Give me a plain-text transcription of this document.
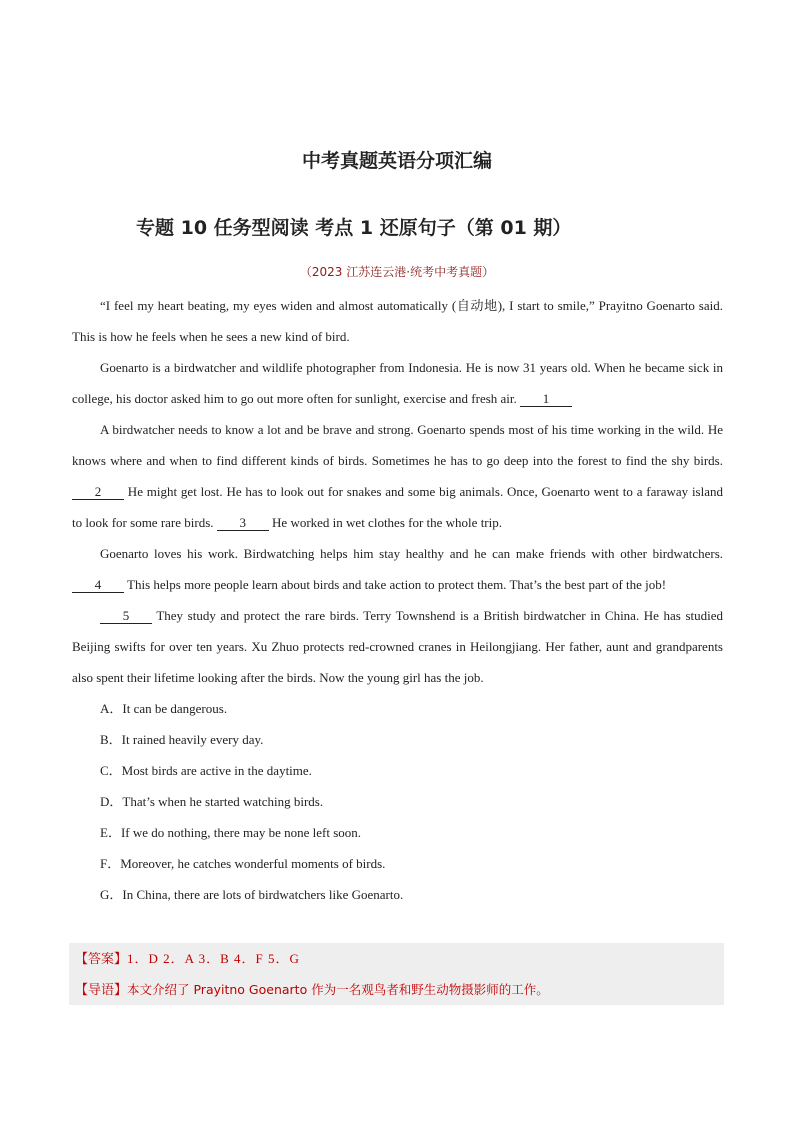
中考真题英语分项汇编
专题 10 任务型阅读 考点 1 还原句子（第 01 期）
（2023 江苏连云港·统考中考真题）

“I feel my heart beating, my eyes widen and almost automatically (自动地), I start to smile,” Prayitno Goenarto said. This is how he feels when he sees a new kind of bird.

Goenarto is a birdwatcher and wildlife photographer from Indonesia. He is now 31 years old. When he became sick in college, his doctor asked him to go out more often for sunlight, exercise and fresh air. 1

A birdwatcher needs to know a lot and be brave and strong. Goenarto spends most of his time working in the wild. He knows where and when to find different kinds of birds. Sometimes he has to go deep into the forest to find the shy birds. 2 He might get lost. He has to look out for snakes and some big animals. Once, Goenarto went to a faraway island to look for some rare birds. 3 He worked in wet clothes for the whole trip.

Goenarto loves his work. Birdwatching helps him stay healthy and he can make friends with other birdwatchers. 4 This helps more people learn about birds and take action to protect them. That’s the best part of the job!

5 They study and protect the rare birds. Terry Townshend is a British birdwatcher in China. He has studied Beijing swifts for over ten years. Xu Zhuo protects red-crowned cranes in Heilongjiang. Her father, aunt and grandparents also spent their lifetime looking after the birds. Now the young girl has the job.

A．It can be dangerous.
B．It rained heavily every day.
C．Most birds are active in the daytime.
D．That’s when he started watching birds.
E．If we do nothing, there may be none left soon.
F．Moreover, he catches wonderful moments of birds.
G．In China, there are lots of birdwatchers like Goenarto.
【答案】1．D 2．A 3．B 4．F 5．G
【导语】本文介绍了 Prayitno Goenarto 作为一名观鸟者和野生动物摄影师的工作。
